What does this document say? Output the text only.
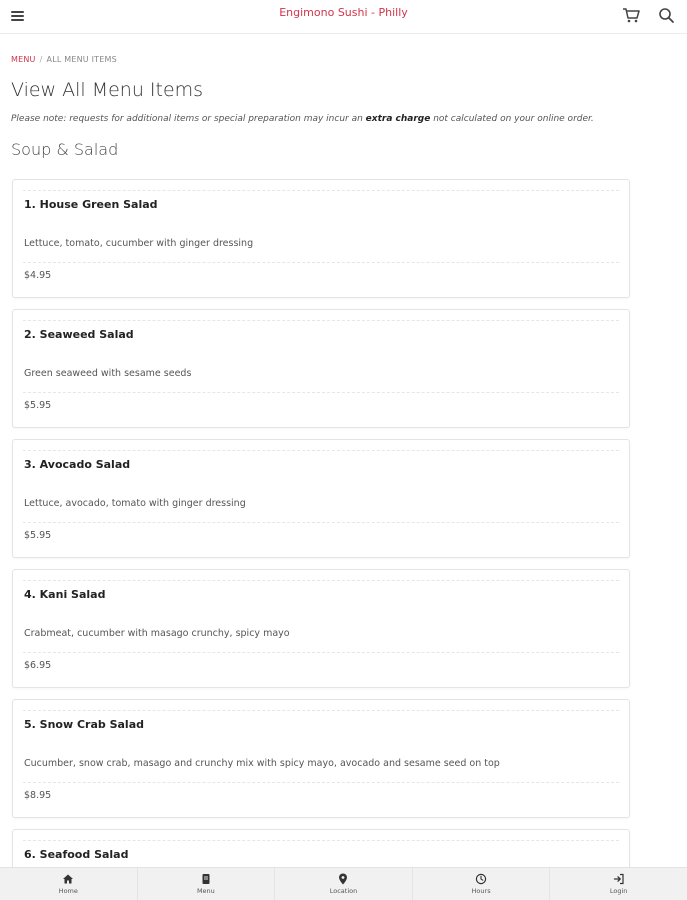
Engimono Sushi - Philly
MENU / ALL MENU ITEMS
View All Menu Items
Please note: requests for additional items or special preparation may incur an extra charge not calculated on your online order.
Soup & Salad
1. House Green Salad
Lettuce, tomato, cucumber with ginger dressing
$4.95
2. Seaweed Salad
Green seaweed with sesame seeds
$5.95
3. Avocado Salad
Lettuce, avocado, tomato with ginger dressing
$5.95
4. Kani Salad
Crabmeat, cucumber with masago crunchy, spicy mayo
$6.95
5. Snow Crab Salad
Cucumber, snow crab, masago and crunchy mix with spicy mayo, avocado and sesame seed on top
$8.95
6. Seafood Salad
Home	Menu	Location	Hours	Login
